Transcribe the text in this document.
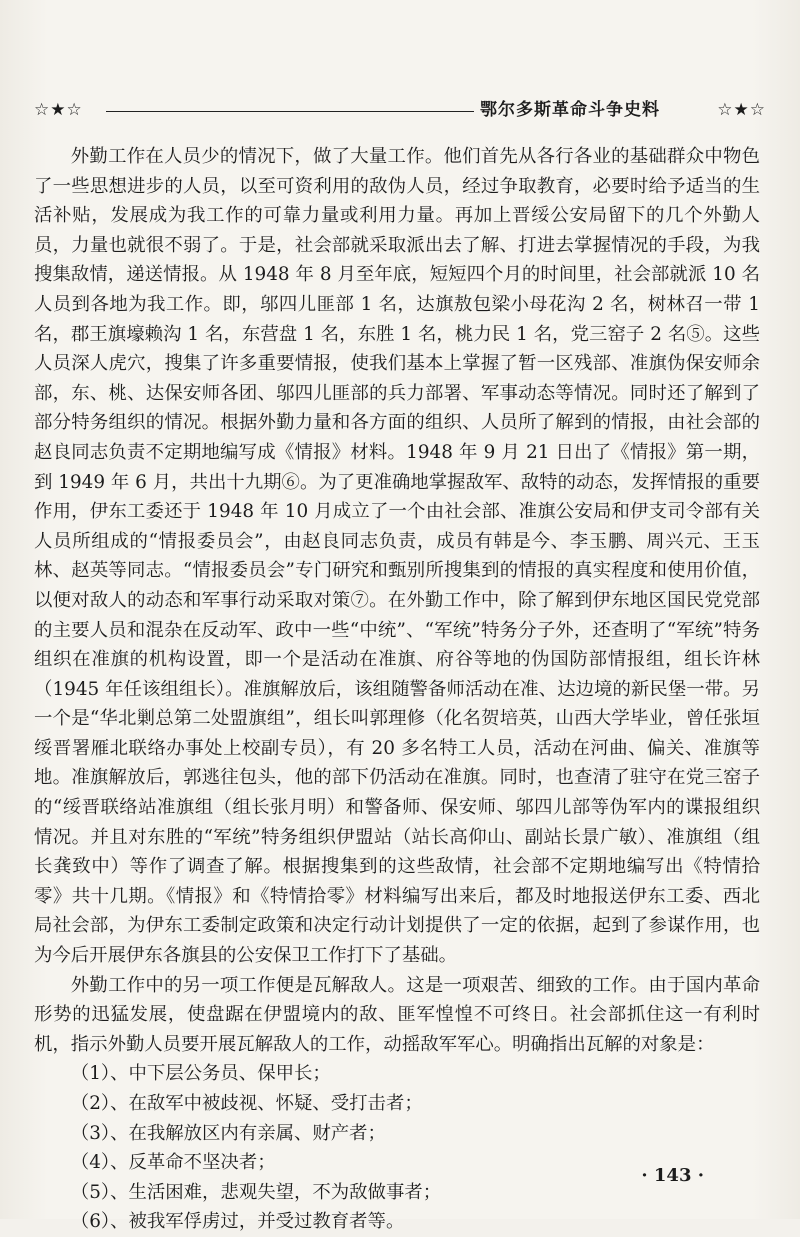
☆★☆	鄂尔多斯革命斗争史料	☆★☆

外勤工作在人员少的情况下，做了大量工作。他们首先从各行各业的基础群众中物色了一些思想进步的人员，以至可资利用的敌伪人员，经过争取教育，必要时给予适当的生活补贴，发展成为我工作的可靠力量或利用力量。再加上晋绥公安局留下的几个外勤人员，力量也就很不弱了。于是，社会部就采取派出去了解、打进去掌握情况的手段，为我搜集敌情，递送情报。从 1948 年 8 月至年底，短短四个月的时间里，社会部就派 10 名人员到各地为我工作。即，邬四儿匪部 1 名，达旗敖包梁小母花沟 2 名，树林召一带 1 名，郡王旗壕赖沟 1 名，东营盘 1 名，东胜 1 名，桃力民 1 名，党三窑子 2 名⑤。这些人员深人虎穴，搜集了许多重要情报，使我们基本上掌握了暂一区残部、准旗伪保安师余部，东、桃、达保安师各团、邬四儿匪部的兵力部署、军事动态等情况。同时还了解到了部分特务组织的情况。根据外勤力量和各方面的组织、人员所了解到的情报，由社会部的赵良同志负责不定期地编写成《情报》材料。1948 年 9 月 21 日出了《情报》第一期，到 1949 年 6 月，共出十九期⑥。为了更准确地掌握敌军、敌特的动态，发挥情报的重要作用，伊东工委还于 1948 年 10 月成立了一个由社会部、准旗公安局和伊支司令部有关人员所组成的“情报委员会”，由赵良同志负责，成员有韩是今、李玉鹏、周兴元、王玉林、赵英等同志。“情报委员会”专门研究和甄别所搜集到的情报的真实程度和使用价值，以便对敌人的动态和军事行动采取对策⑦。在外勤工作中，除了解到伊东地区国民党党部的主要人员和混杂在反动军、政中一些“中统”、“军统”特务分子外，还查明了“军统”特务组织在准旗的机构设置，即一个是活动在准旗、府谷等地的伪国防部情报组，组长许林（1945 年任该组组长）。准旗解放后，该组随警备师活动在准、达边境的新民堡一带。另一个是“华北剿总第二处盟旗组”，组长叫郭理修（化名贺培英，山西大学毕业，曾任张垣绥晋署雁北联络办事处上校副专员），有 20 多名特工人员，活动在河曲、偏关、准旗等地。准旗解放后，郭逃往包头，他的部下仍活动在准旗。同时，也查清了驻守在党三窑子的“绥晋联络站准旗组（组长张月明）和警备师、保安师、邬四儿部等伪军内的谍报组织情况。并且对东胜的“军统”特务组织伊盟站（站长高仰山、副站长景广敏）、准旗组（组长龚致中）等作了调查了解。根据搜集到的这些敌情，社会部不定期地编写出《特情拾零》共十几期。《情报》和《特情拾零》材料编写出来后，都及时地报送伊东工委、西北局社会部，为伊东工委制定政策和决定行动计划提供了一定的依据，起到了参谋作用，也为今后开展伊东各旗县的公安保卫工作打下了基础。

外勤工作中的另一项工作便是瓦解敌人。这是一项艰苦、细致的工作。由于国内革命形势的迅猛发展，使盘踞在伊盟境内的敌、匪军惶惶不可终日。社会部抓住这一有利时机，指示外勤人员要开展瓦解敌人的工作，动摇敌军军心。明确指出瓦解的对象是：

（1）、中下层公务员、保甲长；
（2）、在敌军中被歧视、怀疑、受打击者；
（3）、在我解放区内有亲属、财产者；
（4）、反革命不坚决者；
（5）、生活困难，悲观失望，不为敌做事者；
（6）、被我军俘虏过，并受过教育者等。
· 143 ·
